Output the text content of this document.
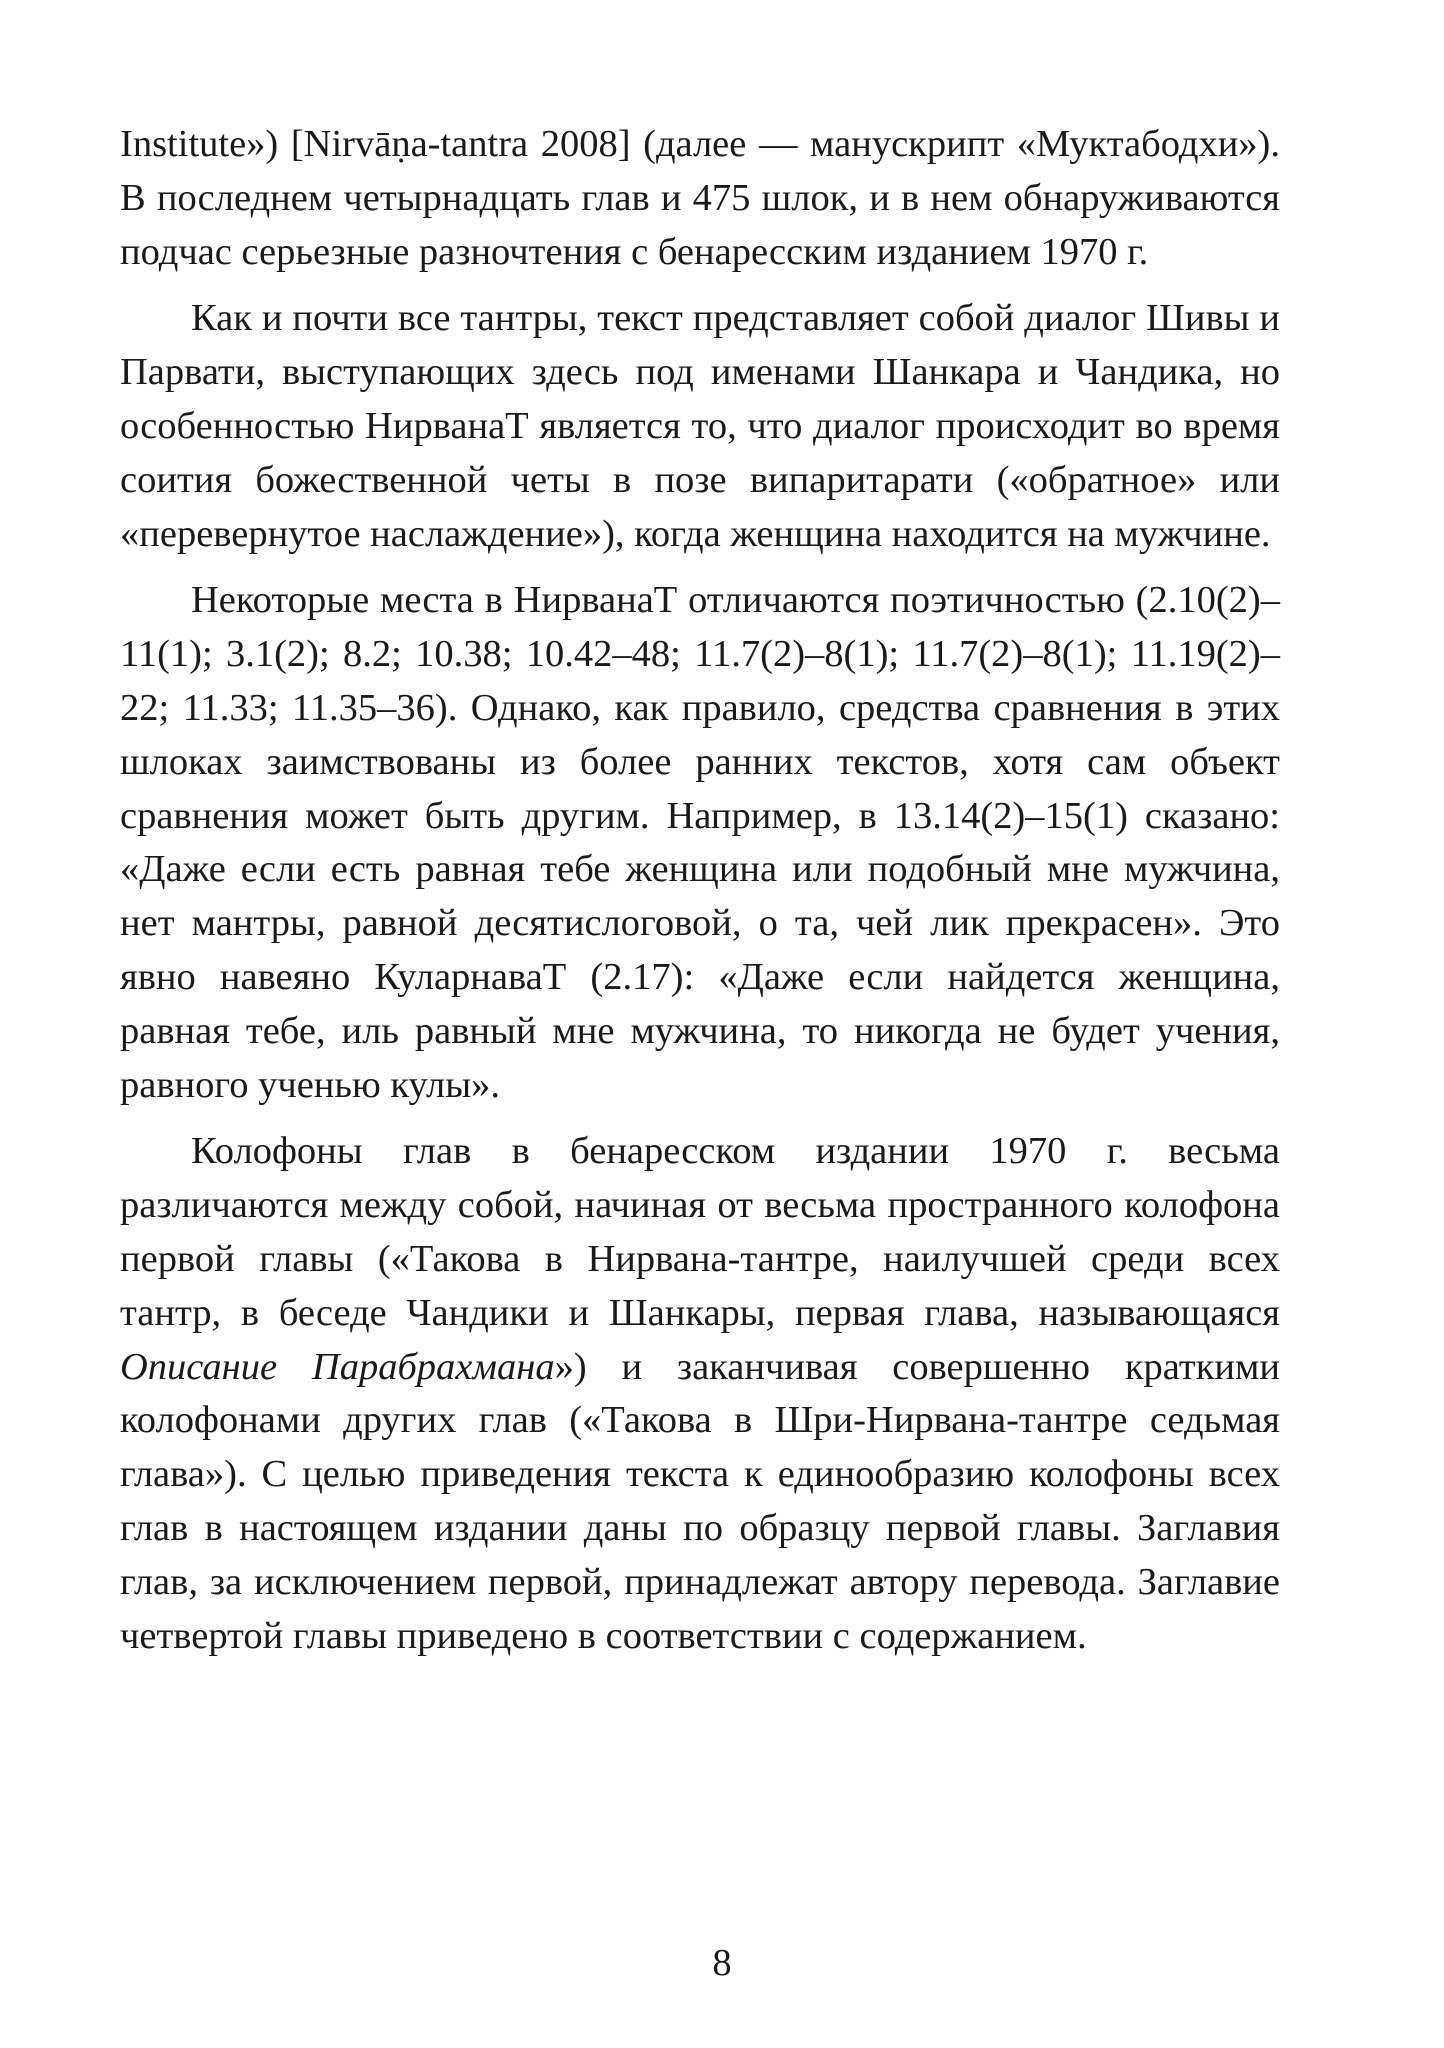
Institute») [Nirvāṇa-tantra 2008] (далее — манускрипт «Муктабодхи»). В последнем четырнадцать глав и 475 шлок, и в нем обнаруживаются подчас серьезные разночтения с бенаресским изданием 1970 г.

Как и почти все тантры, текст представляет собой диалог Шивы и Парвати, выступающих здесь под именами Шанкара и Чандика, но особенностью НирванаТ является то, что диалог происходит во время соития божественной четы в позе випаритарати («обратное» или «перевернутое наслаждение»), когда женщина находится на мужчине.

Некоторые места в НирванаТ отличаются поэтичностью (2.10(2)–11(1); 3.1(2); 8.2; 10.38; 10.42–48; 11.7(2)–8(1); 11.7(2)–8(1); 11.19(2)–22; 11.33; 11.35–36). Однако, как правило, средства сравнения в этих шлоках заимствованы из более ранних текстов, хотя сам объект сравнения может быть другим. Например, в 13.14(2)–15(1) сказано: «Даже если есть равная тебе женщина или подобный мне мужчина, нет мантры, равной десятислоговой, о та, чей лик прекрасен». Это явно навеяно КуларнаваТ (2.17): «Даже если найдется женщина, равная тебе, иль равный мне мужчина, то никогда не будет учения, равного ученью кулы».

Колофоны глав в бенаресском издании 1970 г. весьма различаются между собой, начиная от весьма пространного колофона первой главы («Такова в Нирвана-тантре, наилучшей среди всех тантр, в беседе Чандики и Шанкары, первая глава, называющаяся Описание Парабрахмана») и заканчивая совершенно краткими колофонами других глав («Такова в Шри-Нирвана-тантре седьмая глава»). С целью приведения текста к единообразию колофоны всех глав в настоящем издании даны по образцу первой главы. Заглавия глав, за исключением первой, принадлежат автору перевода. Заглавие четвертой главы приведено в соответствии с содержанием.

8
